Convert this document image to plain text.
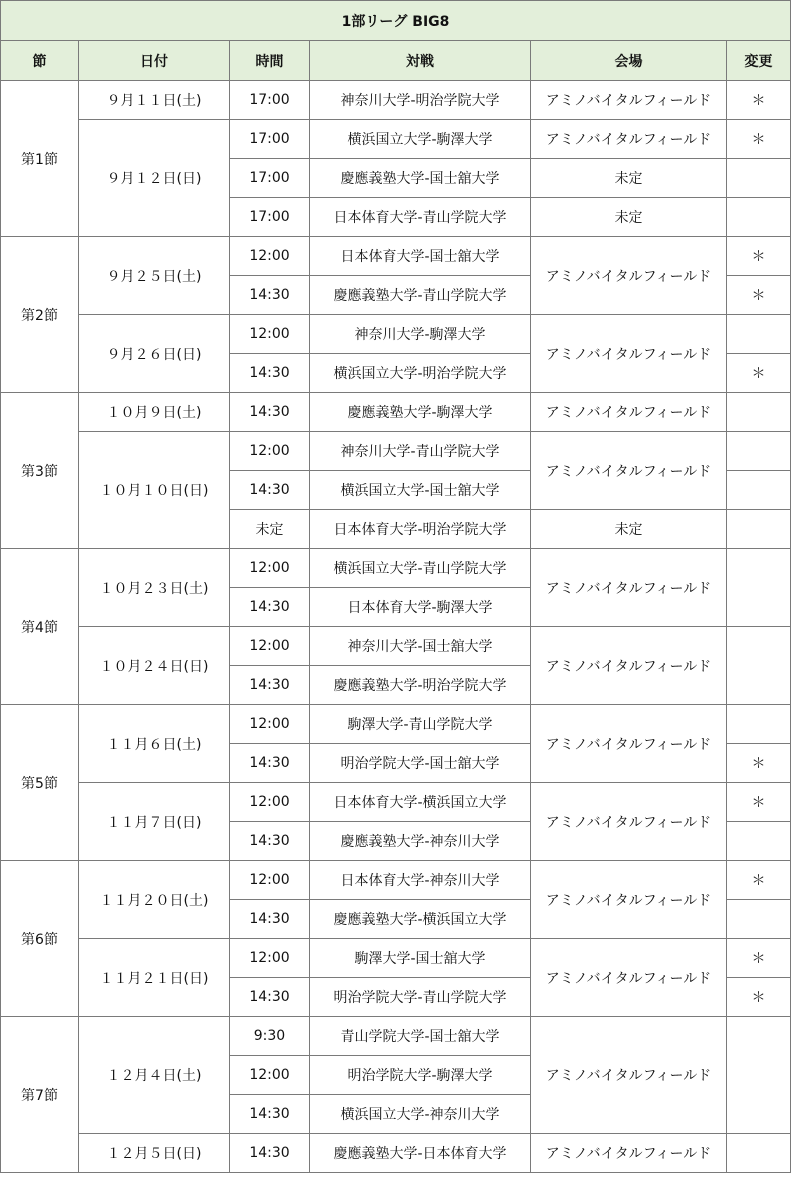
1部リーグ BIG8					
節	日付	時間	対戦	会場	変更
第1節	９月１１日(土)	17:00	神奈川大学-明治学院大学	アミノバイタルフィールド	＊
	９月１２日(日)	17:00	横浜国立大学-駒澤大学	アミノバイタルフィールド	＊
		17:00	慶應義塾大学-国士舘大学	未定	
		17:00	日本体育大学-青山学院大学	未定	
第2節	９月２５日(土)	12:00	日本体育大学-国士舘大学	アミノバイタルフィールド	＊
		14:30	慶應義塾大学-青山学院大学		＊
	９月２６日(日)	12:00	神奈川大学-駒澤大学	アミノバイタルフィールド	
		14:30	横浜国立大学-明治学院大学		＊
第3節	１０月９日(土)	14:30	慶應義塾大学-駒澤大学	アミノバイタルフィールド	
	１０月１０日(日)	12:00	神奈川大学-青山学院大学	アミノバイタルフィールド	
		14:30	横浜国立大学-国士舘大学		
		未定	日本体育大学-明治学院大学	未定	
第4節	１０月２３日(土)	12:00	横浜国立大学-青山学院大学	アミノバイタルフィールド	
		14:30	日本体育大学-駒澤大学		
	１０月２４日(日)	12:00	神奈川大学-国士舘大学	アミノバイタルフィールド	
		14:30	慶應義塾大学-明治学院大学		
第5節	１１月６日(土)	12:00	駒澤大学-青山学院大学	アミノバイタルフィールド	
		14:30	明治学院大学-国士舘大学		＊
	１１月７日(日)	12:00	日本体育大学-横浜国立大学	アミノバイタルフィールド	＊
		14:30	慶應義塾大学-神奈川大学		
第6節	１１月２０日(土)	12:00	日本体育大学-神奈川大学	アミノバイタルフィールド	＊
		14:30	慶應義塾大学-横浜国立大学		
	１１月２１日(日)	12:00	駒澤大学-国士舘大学	アミノバイタルフィールド	＊
		14:30	明治学院大学-青山学院大学		＊
第7節	１２月４日(土)	9:30	青山学院大学-国士舘大学	アミノバイタルフィールド	
		12:00	明治学院大学-駒澤大学		
		14:30	横浜国立大学-神奈川大学		
	１２月５日(日)	14:30	慶應義塾大学-日本体育大学	アミノバイタルフィールド	
